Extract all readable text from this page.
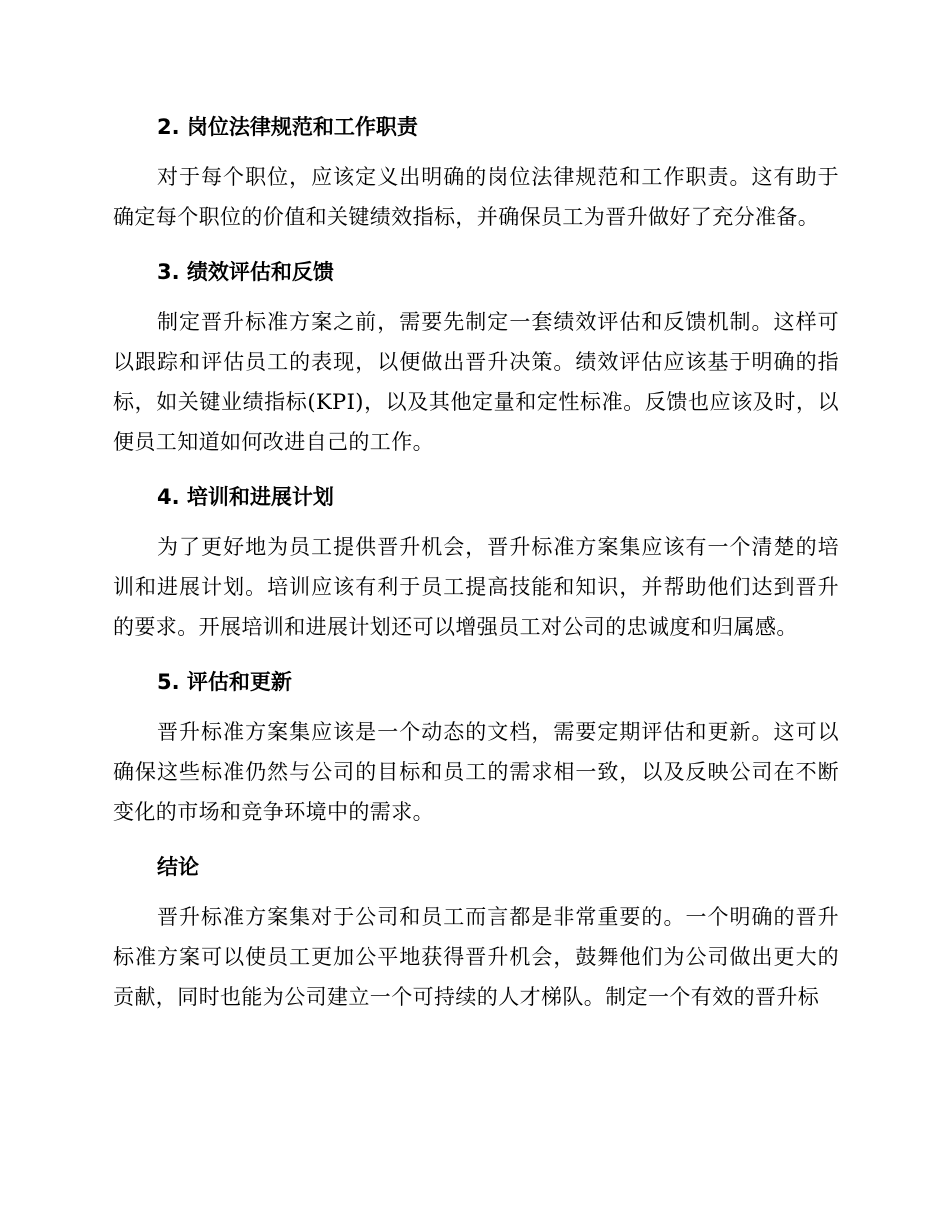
2. 岗位法律规范和工作职责

对于每个职位，应该定义出明确的岗位法律规范和工作职责。这有助于确定每个职位的价值和关键绩效指标，并确保员工为晋升做好了充分准备。

3. 绩效评估和反馈

制定晋升标准方案之前，需要先制定一套绩效评估和反馈机制。这样可以跟踪和评估员工的表现，以便做出晋升决策。绩效评估应该基于明确的指标，如关键业绩指标(KPI)，以及其他定量和定性标准。反馈也应该及时，以便员工知道如何改进自己的工作。

4. 培训和进展计划

为了更好地为员工提供晋升机会，晋升标准方案集应该有一个清楚的培训和进展计划。培训应该有利于员工提高技能和知识，并帮助他们达到晋升的要求。开展培训和进展计划还可以增强员工对公司的忠诚度和归属感。

5. 评估和更新

晋升标准方案集应该是一个动态的文档，需要定期评估和更新。这可以确保这些标准仍然与公司的目标和员工的需求相一致，以及反映公司在不断变化的市场和竞争环境中的需求。

结论

晋升标准方案集对于公司和员工而言都是非常重要的。一个明确的晋升标准方案可以使员工更加公平地获得晋升机会，鼓舞他们为公司做出更大的贡献，同时也能为公司建立一个可持续的人才梯队。制定一个有效的晋升标
